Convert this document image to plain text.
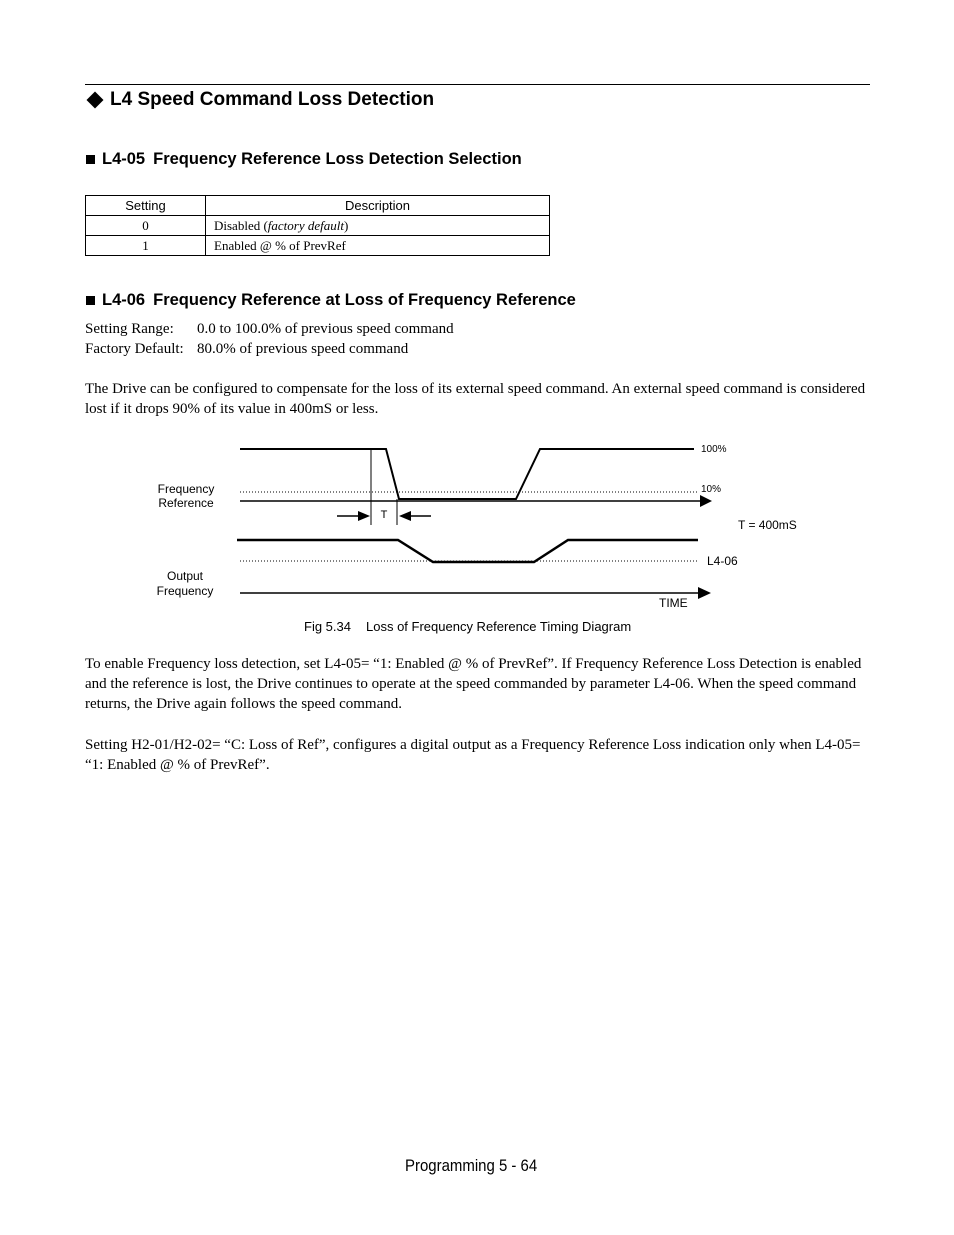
L4 Speed Command Loss Detection
L4-05 Frequency Reference Loss Detection Selection
Setting	Description
0	Disabled (factory default)
1	Enabled @ % of PrevRef
L4-06 Frequency Reference at Loss of Frequency Reference
Setting Range: 0.0 to 100.0% of previous speed command
Factory Default: 80.0% of previous speed command
The Drive can be configured to compensate for the loss of its external speed command. An external speed command is considered lost if it drops 90% of its value in 400mS or less.
T
Frequency
Reference
100%
10%
T = 400mS
L4-06
TIME
Output
Frequency
Fig 5.34 Loss of Frequency Reference Timing Diagram
To enable Frequency loss detection, set L4-05= “1: Enabled @ % of PrevRef”. If Frequency Reference Loss Detection is enabled and the reference is lost, the Drive continues to operate at the speed commanded by parameter L4-06. When the speed command returns, the Drive again follows the speed command.
Setting H2-01/H2-02= “C: Loss of Ref”, configures a digital output as a Frequency Reference Loss indication only when L4-05= “1: Enabled @ % of PrevRef”.
Programming 5 - 64
